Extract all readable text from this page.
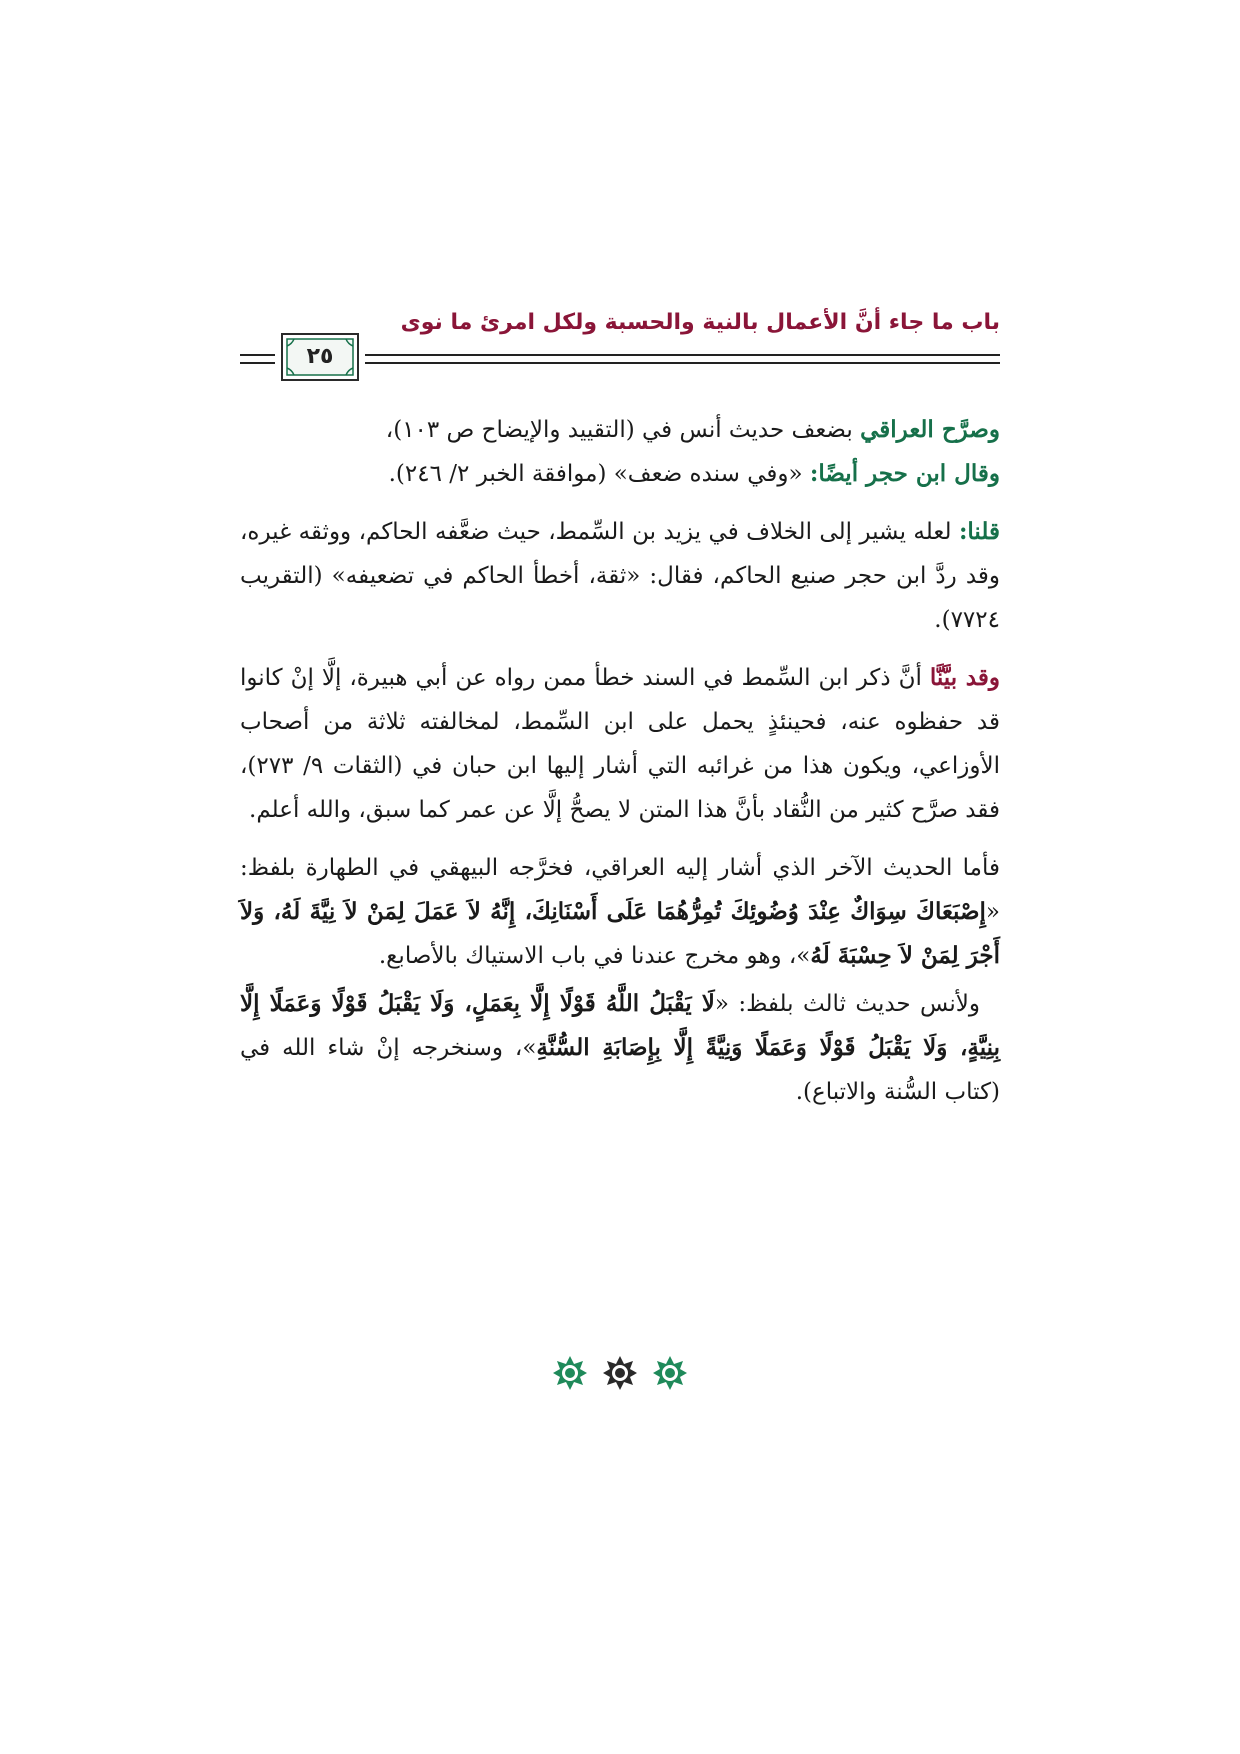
باب ما جاء أنَّ الأعمال بالنية والحسبة ولكل امرئ ما نوى
٢٥

وصرَّح العراقي بضعف حديث أنس في (التقييد والإيضاح ص ١٠٣)،
وقال ابن حجر أيضًا: «وفي سنده ضعف» (موافقة الخبر ٢/ ٢٤٦).

قلنا: لعله يشير إلى الخلاف في يزيد بن السِّمط، حيث ضعَّفه الحاكم، ووثقه غيره، وقد ردَّ ابن حجر صنيع الحاكم، فقال: «ثقة، أخطأ الحاكم في تضعيفه» (التقريب ٧٧٢٤).

وقد بيَّنَّا أنَّ ذكر ابن السِّمط في السند خطأ ممن رواه عن أبي هبيرة، إلَّا إنْ كانوا قد حفظوه عنه، فحينئذٍ يحمل على ابن السِّمط، لمخالفته ثلاثة من أصحاب الأوزاعي، ويكون هذا من غرائبه التي أشار إليها ابن حبان في (الثقات ٩/ ٢٧٣)، فقد صرَّح كثير من النُّقاد بأنَّ هذا المتن لا يصحُّ إلَّا عن عمر كما سبق، والله أعلم.

فأما الحديث الآخر الذي أشار إليه العراقي، فخرَّجه البيهقي في الطهارة بلفظ: «إِصْبَعَاكَ سِوَاكٌ عِنْدَ وُضُوئِكَ تُمِرُّهُمَا عَلَى أَسْنَانِكَ، إِنَّهُ لاَ عَمَلَ لِمَنْ لاَ نِيَّةَ لَهُ، وَلاَ أَجْرَ لِمَنْ لاَ حِسْبَةَ لَهُ»، وهو مخرج عندنا في باب الاستياك بالأصابع.

ولأنس حديث ثالث بلفظ: «لَا يَقْبَلُ اللَّهُ قَوْلًا إِلَّا بِعَمَلٍ، وَلَا يَقْبَلُ قَوْلًا وَعَمَلًا إِلَّا بِنِيَّةٍ، وَلَا يَقْبَلُ قَوْلًا وَعَمَلًا وَنِيَّةً إِلَّا بِإِصَابَةِ السُّنَّةِ»، وسنخرجه إنْ شاء الله في (كتاب السُّنة والاتباع).
